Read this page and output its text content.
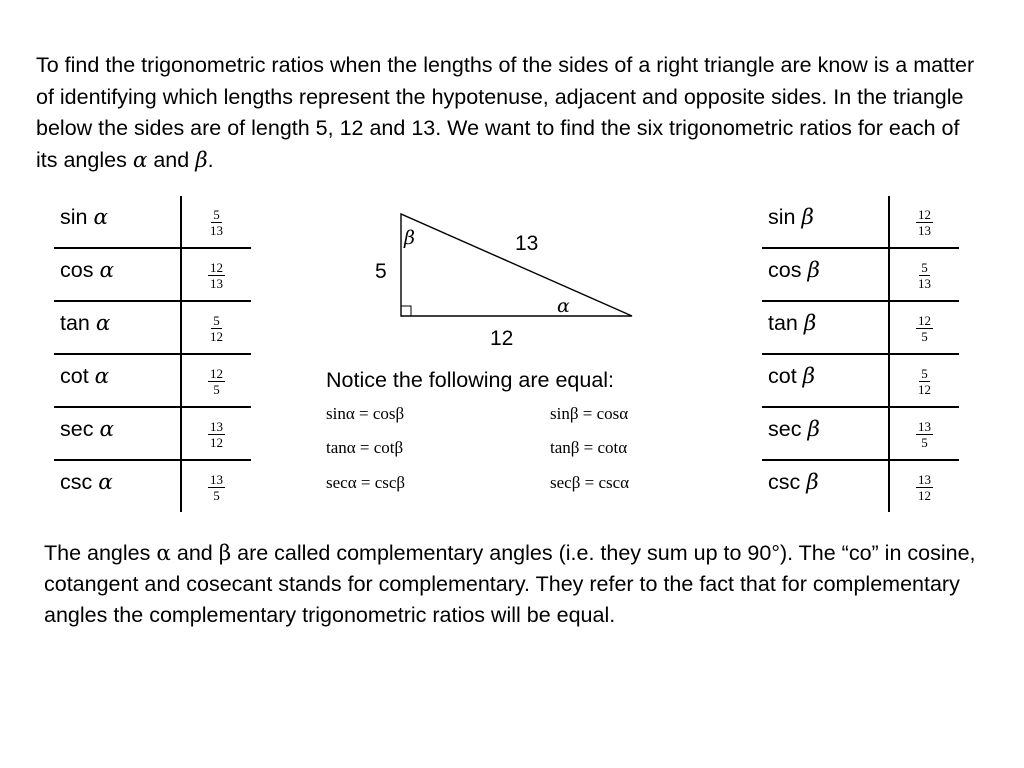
To find the trigonometric ratios when the lengths of the sides of a right triangle are know is a matter of identifying which lengths represent the hypotenuse, adjacent and opposite sides. In the triangle below the sides are of length 5, 12 and 13. We want to find the six trigonometric ratios for each of its angles α and β.

sin α	$\frac{5}{13}$

cos α	$\frac{12}{13}$

tan α	$\frac{5}{12}$

cot α	$\frac{12}{5}$

sec α	$\frac{13}{12}$

csc α	$\frac{13}{5}$
sin β	$\frac{12}{13}$

cos β	$\frac{5}{13}$

tan β	$\frac{12}{5}$

cot β	$\frac{5}{12}$

sec β	$\frac{13}{5}$

csc β	$\frac{13}{12}$
5
12
13
β
α

Notice the following are equal:

sinα = cosβ	sinβ = cosα
tanα = cotβ	tanβ = cotα
secα = cscβ	secβ = cscα

The angles α and β are called complementary angles (i.e. they sum up to 90°). The “co” in cosine, cotangent and cosecant stands for complementary. They refer to the fact that for complementary angles the complementary trigonometric ratios will be equal.
